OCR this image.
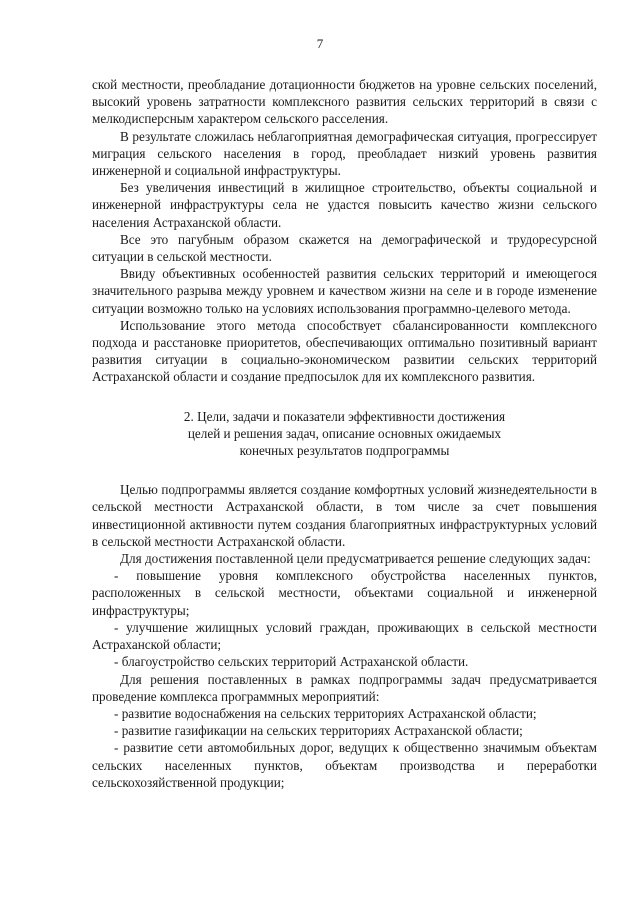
7

ской местности, преобладание дотационности бюджетов на уровне сельских поселений, высокий уровень затратности комплексного развития сельских территорий в связи с мелкодисперсным характером сельского расселения.

В результате сложилась неблагоприятная демографическая ситуация, прогрессирует миграция сельского населения в город, преобладает низкий уровень развития инженерной и социальной инфраструктуры.

Без увеличения инвестиций в жилищное строительство, объекты социальной и инженерной инфраструктуры села не удастся повысить качество жизни сельского населения Астраханской области.

Все это пагубным образом скажется на демографической и трудоресурсной ситуации в сельской местности.

Ввиду объективных особенностей развития сельских территорий и имеющегося значительного разрыва между уровнем и качеством жизни на селе и в городе изменение ситуации возможно только на условиях использования программно-целевого метода.

Использование этого метода способствует сбалансированности комплексного подхода и расстановке приоритетов, обеспечивающих оптимально позитивный вариант развития ситуации в социально-экономическом развитии сельских территорий Астраханской области и создание предпосылок для их комплексного развития.

2. Цели, задачи и показатели эффективности достижения
целей и решения задач, описание основных ожидаемых
конечных результатов подпрограммы

Целью подпрограммы является создание комфортных условий жизнедеятельности в сельской местности Астраханской области, в том числе за счет повышения инвестиционной активности путем создания благоприятных инфраструктурных условий в сельской местности Астраханской области.

Для достижения поставленной цели предусматривается решение следующих задач:

- повышение уровня комплексного обустройства населенных пунктов, расположенных в сельской местности, объектами социальной и инженерной инфраструктуры;

- улучшение жилищных условий граждан, проживающих в сельской местности Астраханской области;

- благоустройство сельских территорий Астраханской области.

Для решения поставленных в рамках подпрограммы задач предусматривается проведение комплекса программных мероприятий:

- развитие водоснабжения на сельских территориях Астраханской области;

- развитие газификации на сельских территориях Астраханской области;

- развитие сети автомобильных дорог, ведущих к общественно значимым объектам сельских населенных пунктов, объектам производства и переработки сельскохозяйственной продукции;
